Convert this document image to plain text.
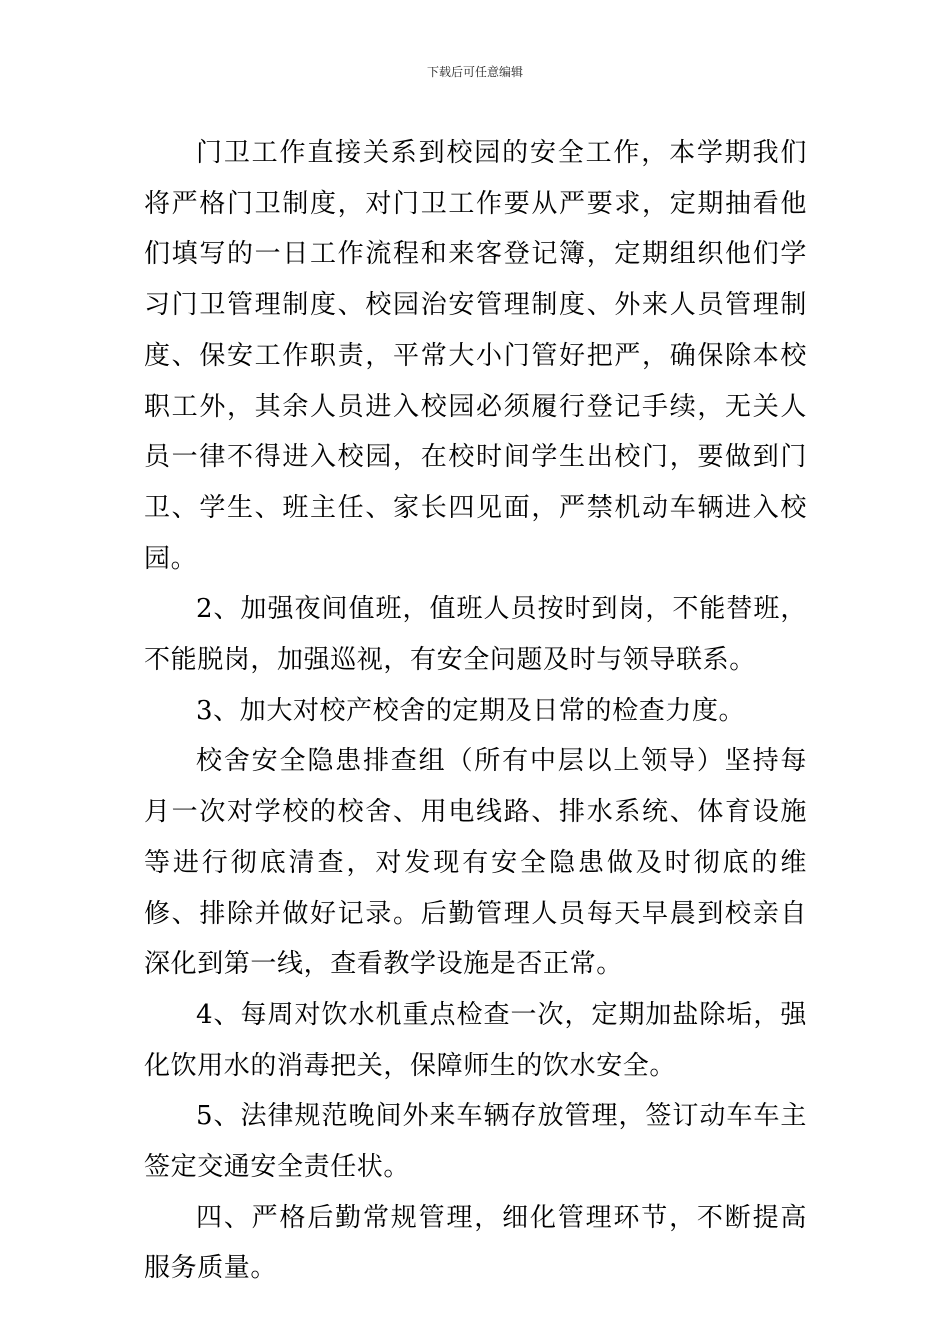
下载后可任意编辑

门卫工作直接关系到校园的安全工作，本学期我们将严格门卫制度，对门卫工作要从严要求，定期抽看他们填写的一日工作流程和来客登记簿，定期组织他们学习门卫管理制度、校园治安管理制度、外来人员管理制度、保安工作职责，平常大小门管好把严，确保除本校职工外，其余人员进入校园必须履行登记手续，无关人员一律不得进入校园，在校时间学生出校门，要做到门卫、学生、班主任、家长四见面，严禁机动车辆进入校园。

2、加强夜间值班，值班人员按时到岗，不能替班，不能脱岗，加强巡视，有安全问题及时与领导联系。

3、加大对校产校舍的定期及日常的检查力度。

校舍安全隐患排查组（所有中层以上领导）坚持每月一次对学校的校舍、用电线路、排水系统、体育设施等进行彻底清查，对发现有安全隐患做及时彻底的维修、排除并做好记录。后勤管理人员每天早晨到校亲自深化到第一线，查看教学设施是否正常。

4、每周对饮水机重点检查一次，定期加盐除垢，强化饮用水的消毒把关，保障师生的饮水安全。

5、法律规范晚间外来车辆存放管理，签订动车车主签定交通安全责任状。

四、严格后勤常规管理，细化管理环节，不断提高服务质量。
